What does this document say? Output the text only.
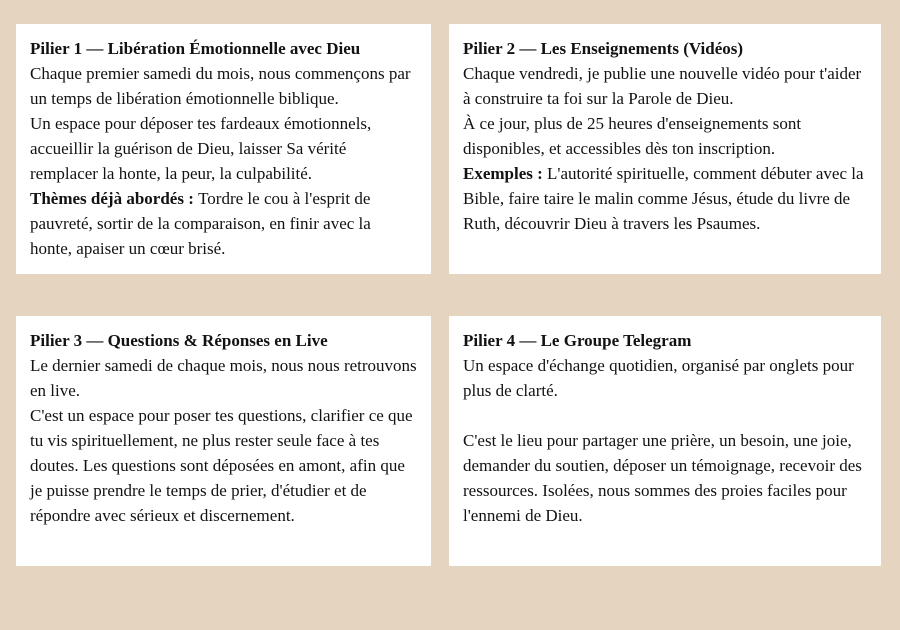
Pilier 1 — Libération Émotionnelle avec Dieu
Chaque premier samedi du mois, nous commençons par un temps de libération émotionnelle biblique.
Un espace pour déposer tes fardeaux émotionnels, accueillir la guérison de Dieu, laisser Sa vérité remplacer la honte, la peur, la culpabilité.
Thèmes déjà abordés : Tordre le cou à l'esprit de pauvreté, sortir de la comparaison, en finir avec la honte, apaiser un cœur brisé.
Pilier 2 — Les Enseignements (Vidéos)
Chaque vendredi, je publie une nouvelle vidéo pour t'aider à construire ta foi sur la Parole de Dieu.
À ce jour, plus de 25 heures d'enseignements sont disponibles, et accessibles dès ton inscription.
Exemples : L'autorité spirituelle, comment débuter avec la Bible, faire taire le malin comme Jésus, étude du livre de Ruth, découvrir Dieu à travers les Psaumes.
Pilier 3 — Questions & Réponses en Live
Le dernier samedi de chaque mois, nous nous retrouvons en live.
C'est un espace pour poser tes questions, clarifier ce que tu vis spirituellement, ne plus rester seule face à tes doutes. Les questions sont déposées en amont, afin que je puisse prendre le temps de prier, d'étudier et de répondre avec sérieux et discernement.
Pilier 4 — Le Groupe Telegram
Un espace d'échange quotidien, organisé par onglets pour plus de clarté.

C'est le lieu pour partager une prière, un besoin, une joie, demander du soutien, déposer un témoignage, recevoir des ressources. Isolées, nous sommes des proies faciles pour l'ennemi de Dieu.
